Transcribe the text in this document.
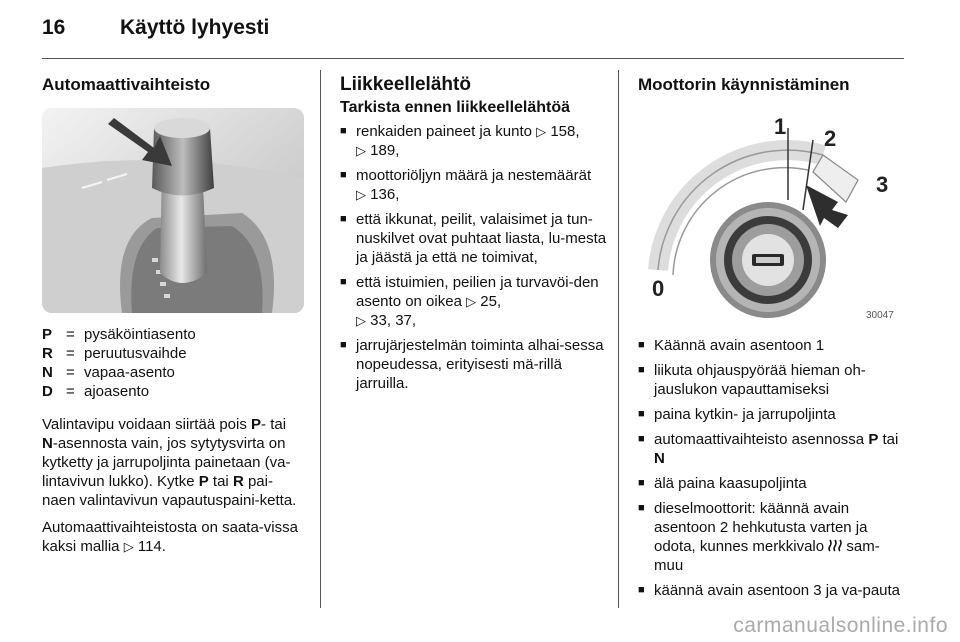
16	Käyttö lyhyesti
Automaattivaihteisto
P = pysäköintiasento
R = peruutusvaihde
N = vapaa-asento
D = ajoasento

Valintavipu voidaan siirtää pois P- tai N-asennosta vain, jos sytytysvirta on kytketty ja jarrupoljinta painetaan (va-lintavivun lukko). Kytke P tai R pai-naen valintavivun vapautuspaini-ketta.

Automaattivaihteistosta on saata-vissa kaksi mallia ▷ 114.

Liikkeellelähtö
Tarkista ennen liikkeellelähtöä
■ renkaiden paineet ja kunto ▷ 158,
▷ 189,
■ moottoriöljyn määrä ja nestemäärät
▷ 136,
■ että ikkunat, peilit, valaisimet ja tun-nuskilvet ovat puhtaat liasta, lu-mesta ja jäästä ja että ne toimivat,
■ että istuimien, peilien ja turvavöi-den asento on oikea ▷ 25,
▷ 33, 37,
■ jarrujärjestelmän toiminta alhai-sessa nopeudessa, erityisesti mä-rillä jarruilla.
Moottorin käynnistäminen
0
1 2
3
30047
■ Käännä avain asentoon 1
■ liikuta ohjauspyörää hieman oh-jauslukon vapauttamiseksi
■ paina kytkin- ja jarrupoljinta
■ automaattivaihteisto asennossa P tai N
■ älä paina kaasupoljinta
■ dieselmoottorit: käännä avain asentoon 2 hehkutusta varten ja odota, kunnes merkkivalo  sam-muu
■ käännä avain asentoon 3 ja va-pauta
carmanualsonline.info
